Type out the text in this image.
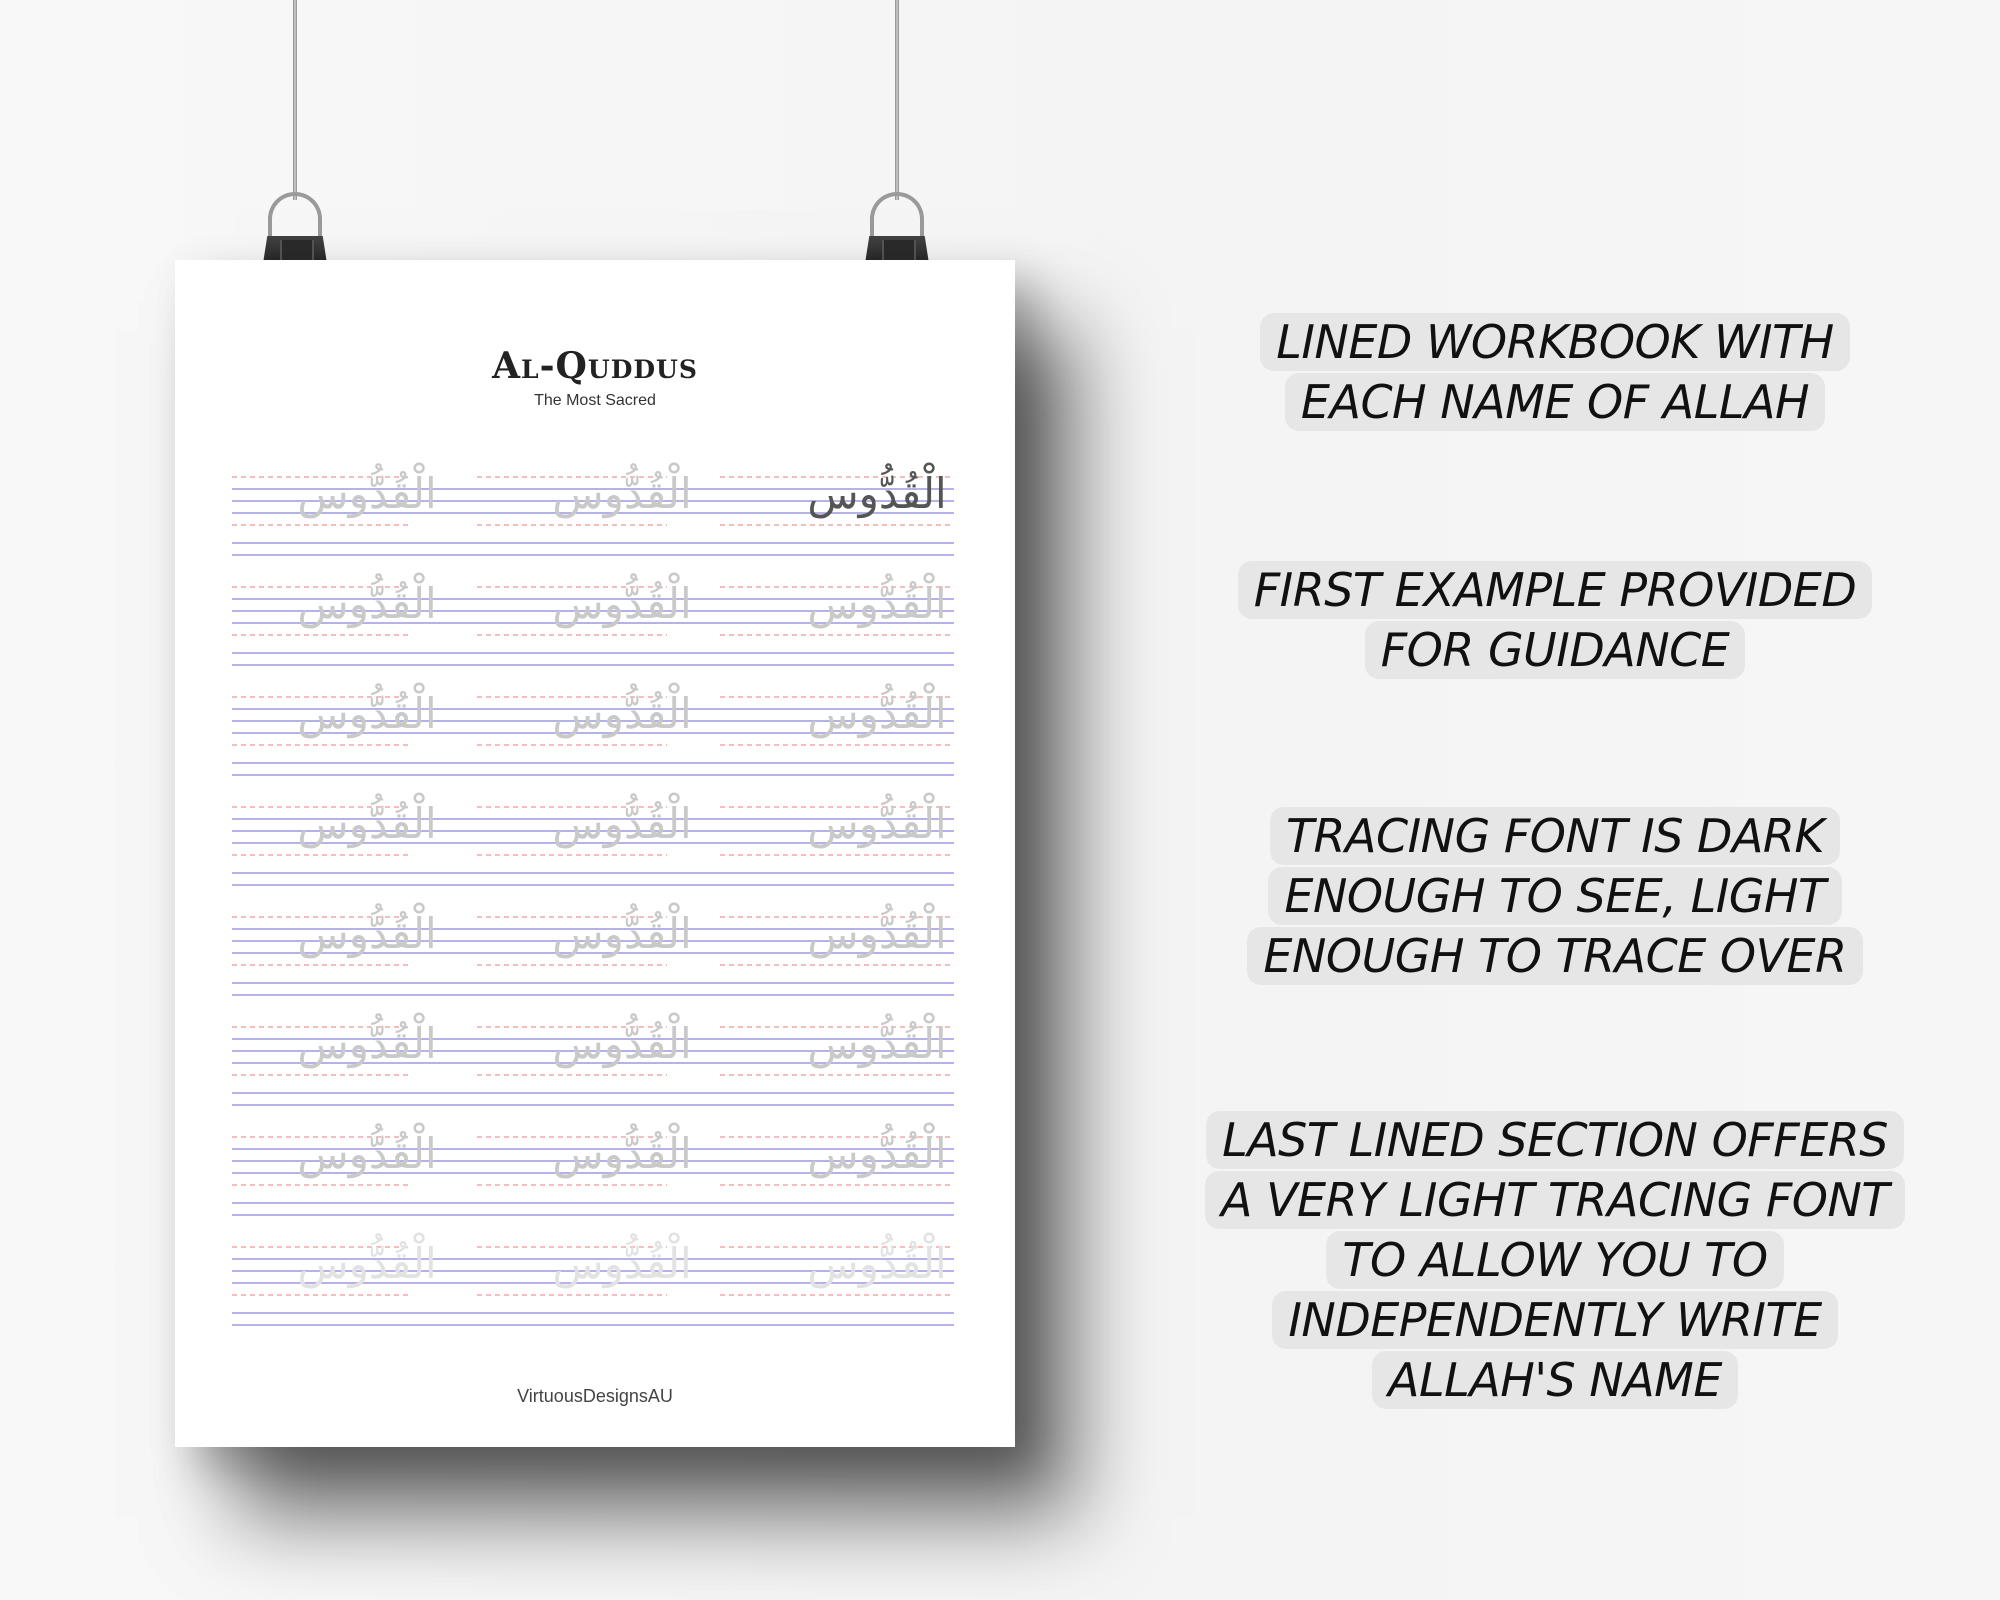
Al-Quddus
The Most Sacred
الْقُدُّوس	الْقُدُّوس	الْقُدُّوس
الْقُدُّوس	الْقُدُّوس	الْقُدُّوس
الْقُدُّوس	الْقُدُّوس	الْقُدُّوس
الْقُدُّوس	الْقُدُّوس	الْقُدُّوس
الْقُدُّوس	الْقُدُّوس	الْقُدُّوس
الْقُدُّوس	الْقُدُّوس	الْقُدُّوس
الْقُدُّوس	الْقُدُّوس	الْقُدُّوس
الْقُدُّوس	الْقُدُّوس	الْقُدُّوس
VirtuousDesignsAU
LINED WORKBOOK WITH
EACH NAME OF ALLAH
FIRST EXAMPLE PROVIDED
FOR GUIDANCE
TRACING FONT IS DARK
ENOUGH TO SEE, LIGHT
ENOUGH TO TRACE OVER
LAST LINED SECTION OFFERS
A VERY LIGHT TRACING FONT
TO ALLOW YOU TO
INDEPENDENTLY WRITE
ALLAH'S NAME
